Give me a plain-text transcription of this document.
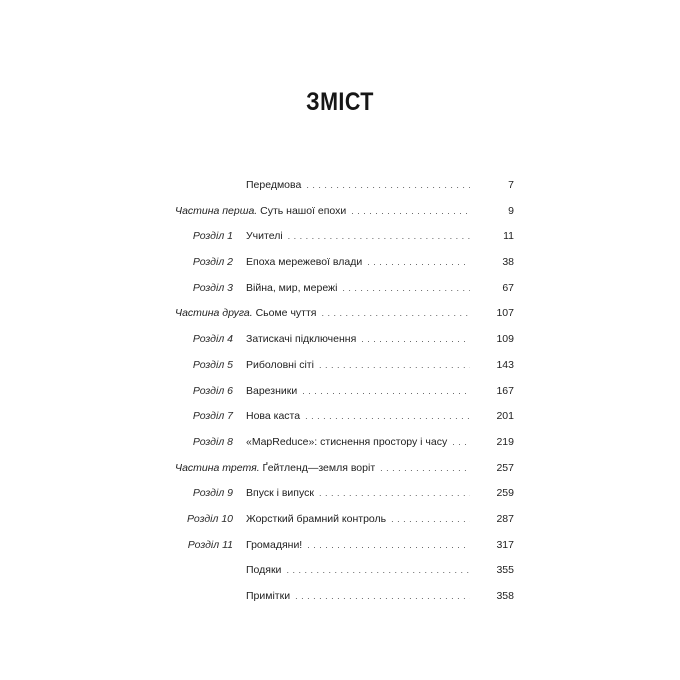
ЗМІСТ
Передмова . . .	7
Частина перша. Суть нашої епохи . . .	9
Розділ 1 Учителі . . .	11
Розділ 2 Епоха мережевої влади . . .	38
Розділ 3 Війна, мир, мережі . . .	67
Частина друга. Сьоме чуття . . .	107
Розділ 4 Затискачі підключення . . .	109
Розділ 5 Риболовні сіті . . .	143
Розділ 6 Варезники . . .	167
Розділ 7 Нова каста . . .	201
Розділ 8 «MapReduce»: стиснення простору і часу . . .	219
Частина третя. Ґейтленд—земля воріт . . .	257
Розділ 9 Впуск і випуск . . .	259
Розділ 10 Жорсткий брамний контроль . . .	287
Розділ 11 Громадяни! . . .	317
Подяки . . .	355
Примітки . . .	358
